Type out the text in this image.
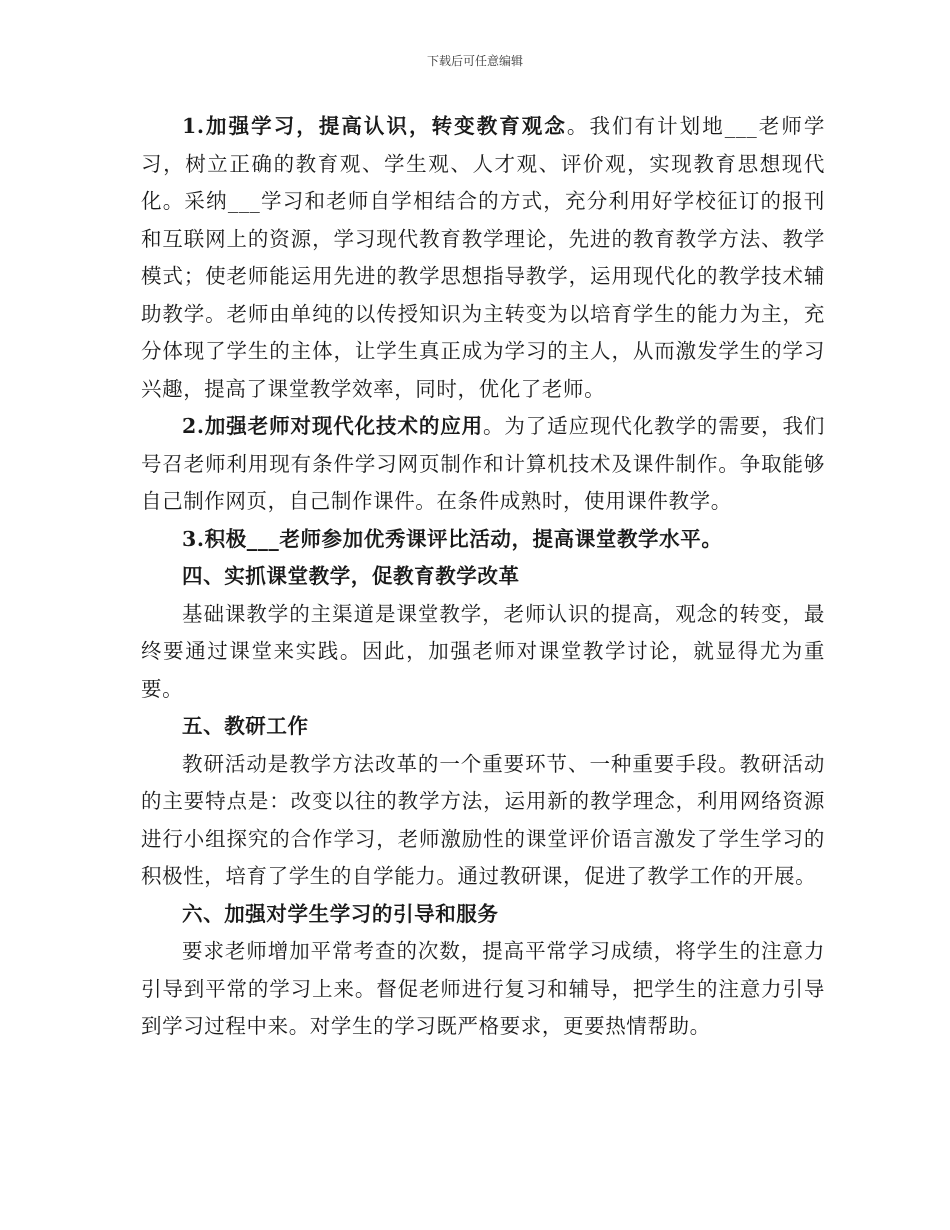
下载后可任意编辑

1.加强学习，提高认识，转变教育观念。我们有计划地___老师学习，树立正确的教育观、学生观、人才观、评价观，实现教育思想现代化。采纳___学习和老师自学相结合的方式，充分利用好学校征订的报刊和互联网上的资源，学习现代教育教学理论，先进的教育教学方法、教学模式；使老师能运用先进的教学思想指导教学，运用现代化的教学技术辅助教学。老师由单纯的以传授知识为主转变为以培育学生的能力为主，充分体现了学生的主体，让学生真正成为学习的主人，从而激发学生的学习兴趣，提高了课堂教学效率，同时，优化了老师。

2.加强老师对现代化技术的应用。为了适应现代化教学的需要，我们号召老师利用现有条件学习网页制作和计算机技术及课件制作。争取能够自己制作网页，自己制作课件。在条件成熟时，使用课件教学。

3.积极___老师参加优秀课评比活动，提高课堂教学水平。

四、实抓课堂教学，促教育教学改革

基础课教学的主渠道是课堂教学，老师认识的提高，观念的转变，最终要通过课堂来实践。因此，加强老师对课堂教学讨论，就显得尤为重要。

五、教研工作

教研活动是教学方法改革的一个重要环节、一种重要手段。教研活动的主要特点是：改变以往的教学方法，运用新的教学理念，利用网络资源进行小组探究的合作学习，老师激励性的课堂评价语言激发了学生学习的积极性，培育了学生的自学能力。通过教研课，促进了教学工作的开展。

六、加强对学生学习的引导和服务

要求老师增加平常考查的次数，提高平常学习成绩，将学生的注意力引导到平常的学习上来。督促老师进行复习和辅导，把学生的注意力引导到学习过程中来。对学生的学习既严格要求，更要热情帮助。
